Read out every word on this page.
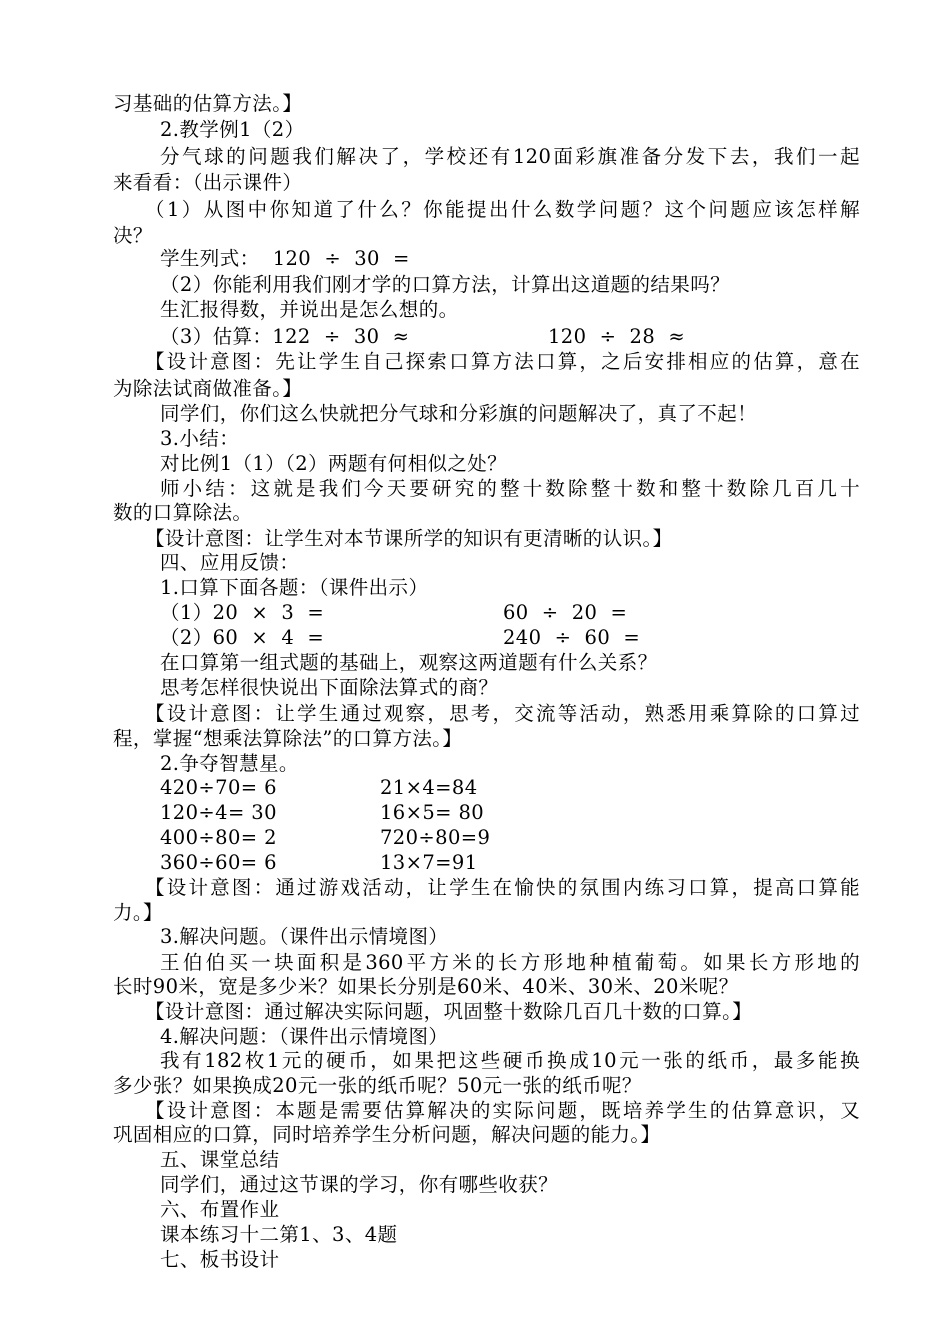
习基础的估算方法。】
2.教学例1（2）
分气球的问题我们解决了，学校还有120面彩旗准备分发下去，我们一起
来看看：（出示课件）
（1）从图中你知道了什么？你能提出什么数学问题？这个问题应该怎样解
决？
学生列式：  120  ÷  30  =
（2）你能利用我们刚才学的口算方法，计算出这道题的结果吗？
生汇报得数，并说出是怎么想的。
（3）估算：122  ÷  30  ≈	120  ÷  28  ≈
【设计意图：先让学生自己探索口算方法口算，之后安排相应的估算，意在
为除法试商做准备。】
同学们，你们这么快就把分气球和分彩旗的问题解决了，真了不起！
3.小结：
对比例1（1）（2）两题有何相似之处？
师小结：这就是我们今天要研究的整十数除整十数和整十数除几百几十
数的口算除法。
【设计意图：让学生对本节课所学的知识有更清晰的认识。】
四、应用反馈：
1.口算下面各题：（课件出示）
（1）20  ×  3  =	60  ÷  20  =
（2）60  ×  4  =	240  ÷  60  =
在口算第一组式题的基础上，观察这两道题有什么关系？
思考怎样很快说出下面除法算式的商？
【设计意图：让学生通过观察，思考，交流等活动，熟悉用乘算除的口算过
程，掌握“想乘法算除法”的口算方法。】
2.争夺智慧星。
420÷70= 6	21×4=84
120÷4= 30	16×5= 80
400÷80= 2	720÷80=9
360÷60= 6	13×7=91
【设计意图：通过游戏活动，让学生在愉快的氛围内练习口算，提高口算能
力。】
3.解决问题。（课件出示情境图）
王伯伯买一块面积是360平方米的长方形地种植葡萄。如果长方形地的
长时90米，宽是多少米？如果长分别是60米、40米、30米、20米呢？
【设计意图：通过解决实际问题，巩固整十数除几百几十数的口算。】
4.解决问题：（课件出示情境图）
我有182枚1元的硬币，如果把这些硬币换成10元一张的纸币，最多能换
多少张？如果换成20元一张的纸币呢？50元一张的纸币呢？
【设计意图：本题是需要估算解决的实际问题，既培养学生的估算意识，又
巩固相应的口算，同时培养学生分析问题，解决问题的能力。】
五、课堂总结
同学们，通过这节课的学习，你有哪些收获？
六、布置作业
课本练习十二第1、3、4题
七、板书设计
